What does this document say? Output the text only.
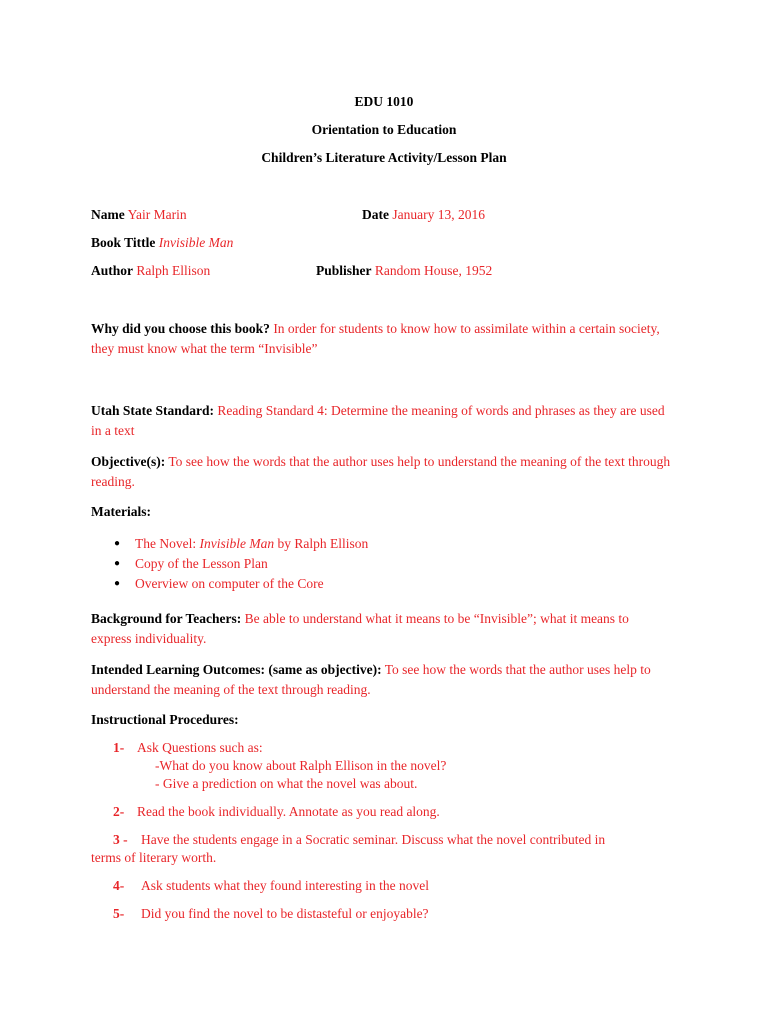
EDU 1010
Orientation to Education
Children’s Literature Activity/Lesson Plan
Name Yair Marin	Date January 13, 2016
Book Tittle Invisible Man
Author Ralph Ellison	Publisher Random House, 1952
Why did you choose this book? In order for students to know how to assimilate within a certain society, they must know what the term “Invisible”
Utah State Standard: Reading Standard 4: Determine the meaning of words and phrases as they are used in a text
Objective(s): To see how the words that the author uses help to understand the meaning of the text through reading.
Materials:
● The Novel: Invisible Man by Ralph Ellison
● Copy of the Lesson Plan
● Overview on computer of the Core
Background for Teachers: Be able to understand what it means to be “Invisible”; what it means to express individuality.
Intended Learning Outcomes: (same as objective): To see how the words that the author uses help to understand the meaning of the text through reading.
Instructional Procedures:
1- Ask Questions such as:
-What do you know about Ralph Ellison in the novel?
- Give a prediction on what the novel was about.
2- Read the book individually. Annotate as you read along.
3 - Have the students engage in a Socratic seminar. Discuss what the novel contributed in
terms of literary worth.
4- Ask students what they found interesting in the novel
5- Did you find the novel to be distasteful or enjoyable?
